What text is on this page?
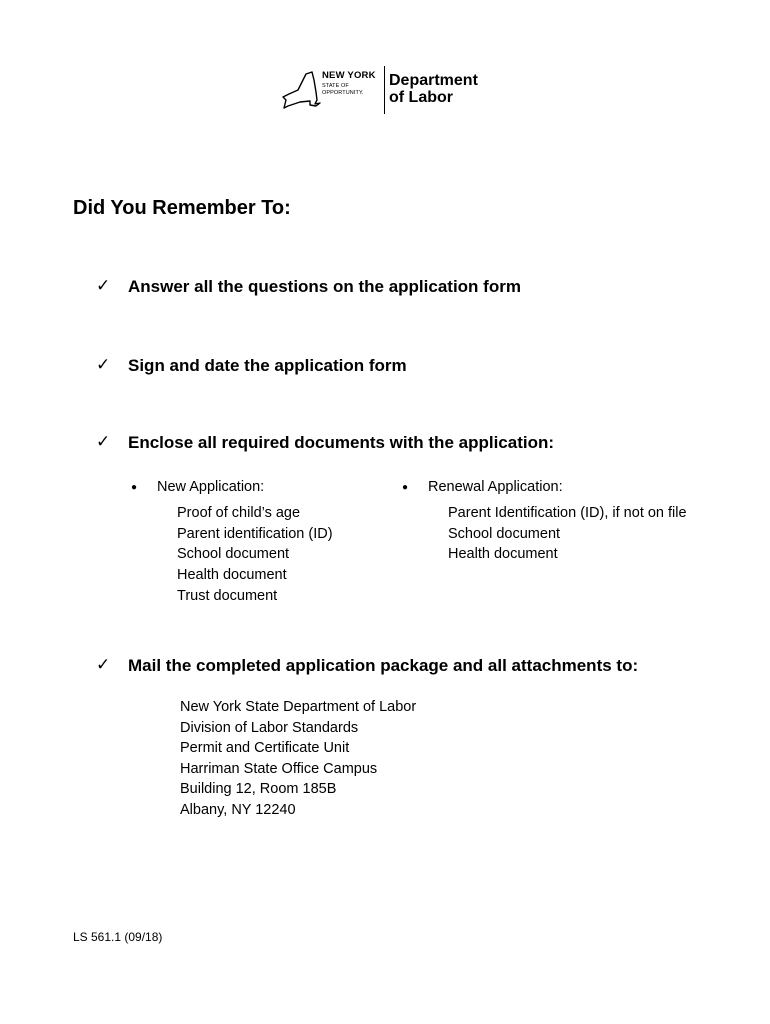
NEW YORK
STATE OF
OPPORTUNITY.
Department
of Labor
Did You Remember To:
✓ Answer all the questions on the application form
✓ Sign and date the application form
✓ Enclose all required documents with the application:
● New Application:
Proof of child’s age
Parent identification (ID)
School document
Health document
Trust document
● Renewal Application:
Parent Identification (ID), if not on file
School document
Health document
✓ Mail the completed application package and all attachments to:
New York State Department of Labor
Division of Labor Standards
Permit and Certificate Unit
Harriman State Office Campus
Building 12, Room 185B
Albany, NY 12240
LS 561.1 (09/18)
